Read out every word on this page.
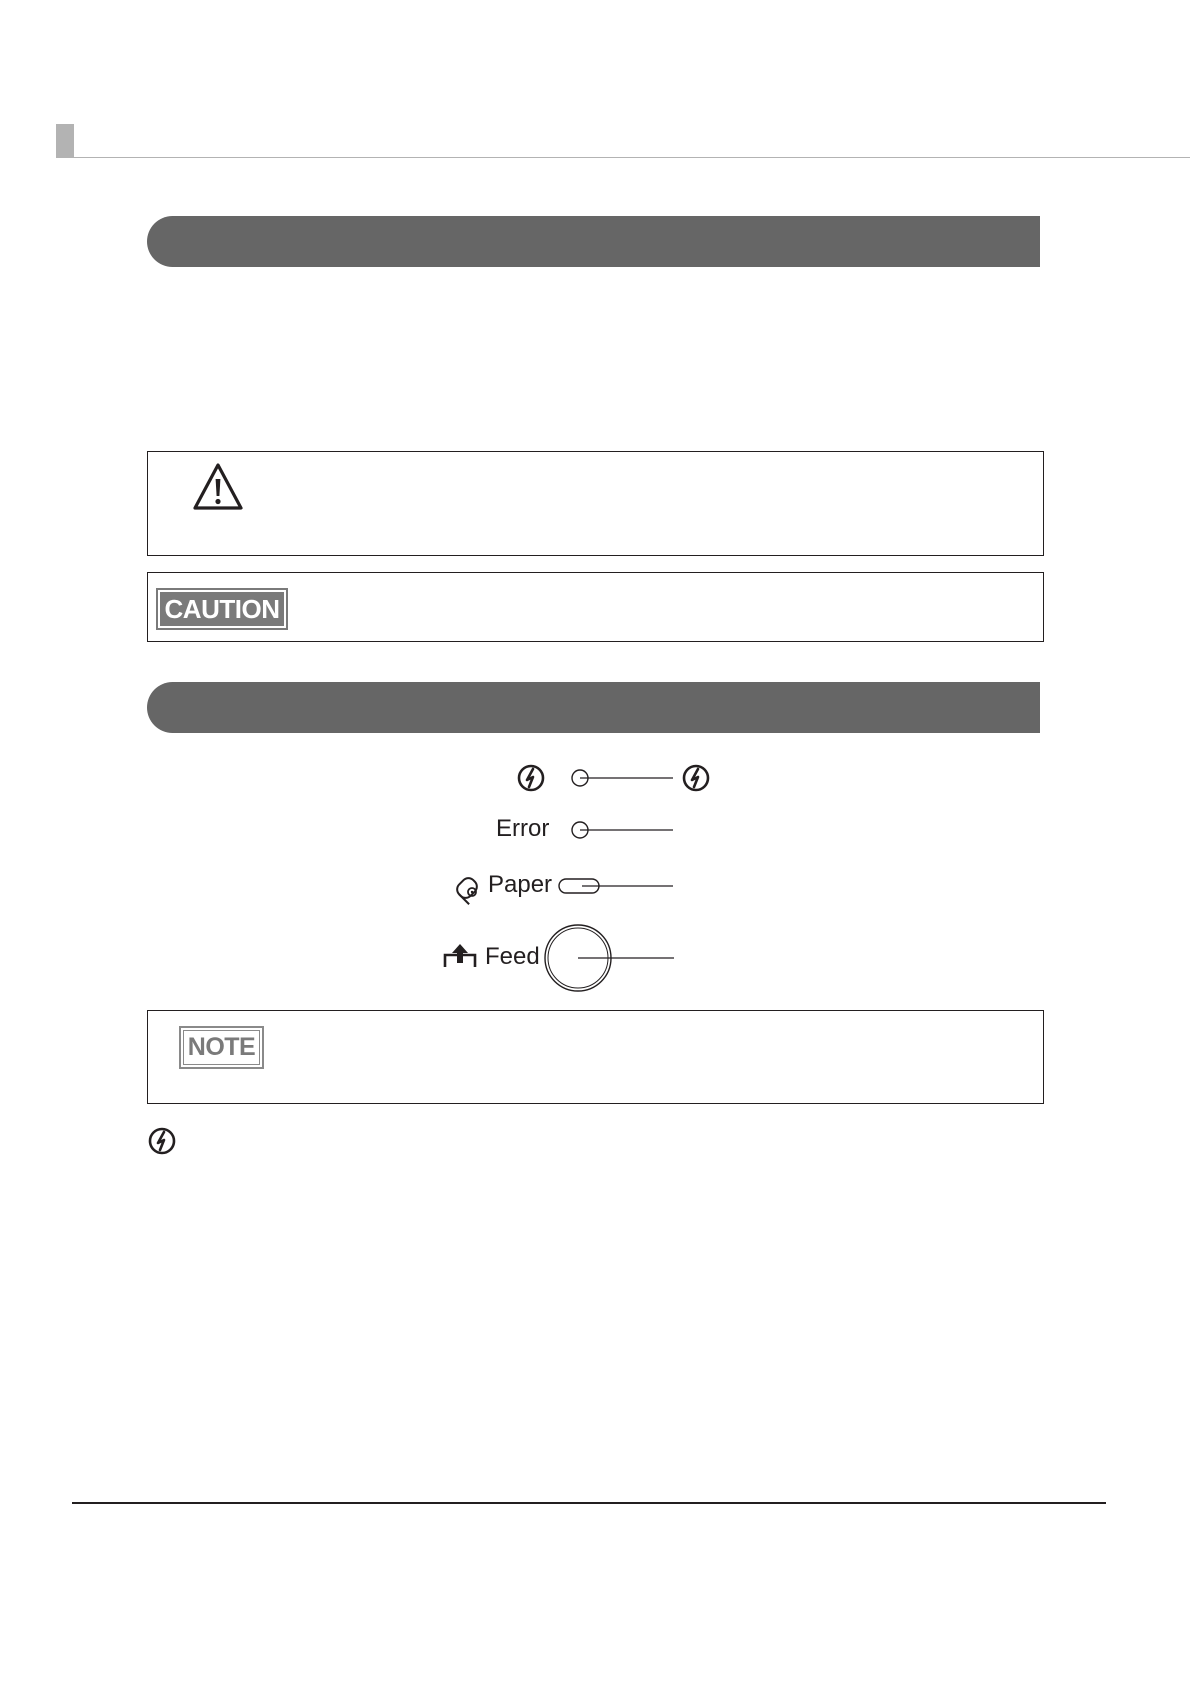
CAUTION
Error
Paper
Feed
NOTE
